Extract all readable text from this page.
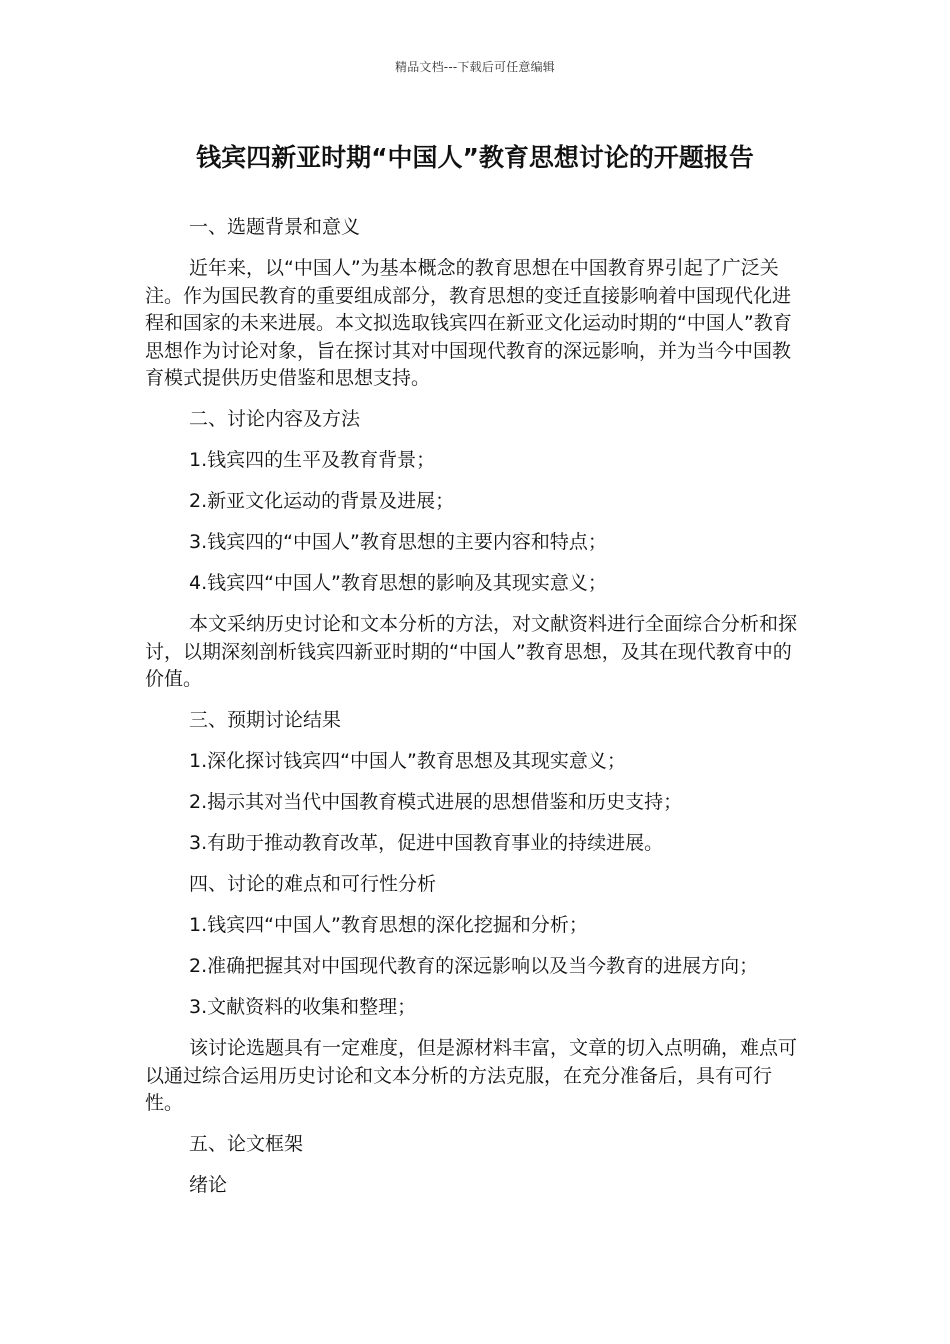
精品文档---下载后可任意编辑
钱宾四新亚时期“中国人”教育思想讨论的开题报告

一、选题背景和意义

近年来，以“中国人”为基本概念的教育思想在中国教育界引起了广泛关注。作为国民教育的重要组成部分，教育思想的变迁直接影响着中国现代化进程和国家的未来进展。本文拟选取钱宾四在新亚文化运动时期的“中国人”教育思想作为讨论对象，旨在探讨其对中国现代教育的深远影响，并为当今中国教育模式提供历史借鉴和思想支持。

二、讨论内容及方法

1.钱宾四的生平及教育背景；

2.新亚文化运动的背景及进展；

3.钱宾四的“中国人”教育思想的主要内容和特点；

4.钱宾四“中国人”教育思想的影响及其现实意义；

本文采纳历史讨论和文本分析的方法，对文献资料进行全面综合分析和探讨，以期深刻剖析钱宾四新亚时期的“中国人”教育思想，及其在现代教育中的价值。

三、预期讨论结果

1.深化探讨钱宾四“中国人”教育思想及其现实意义；

2.揭示其对当代中国教育模式进展的思想借鉴和历史支持；

3.有助于推动教育改革，促进中国教育事业的持续进展。

四、讨论的难点和可行性分析

1.钱宾四“中国人”教育思想的深化挖掘和分析；

2.准确把握其对中国现代教育的深远影响以及当今教育的进展方向；

3.文献资料的收集和整理；

该讨论选题具有一定难度，但是源材料丰富，文章的切入点明确，难点可以通过综合运用历史讨论和文本分析的方法克服，在充分准备后，具有可行性。

五、论文框架

绪论
